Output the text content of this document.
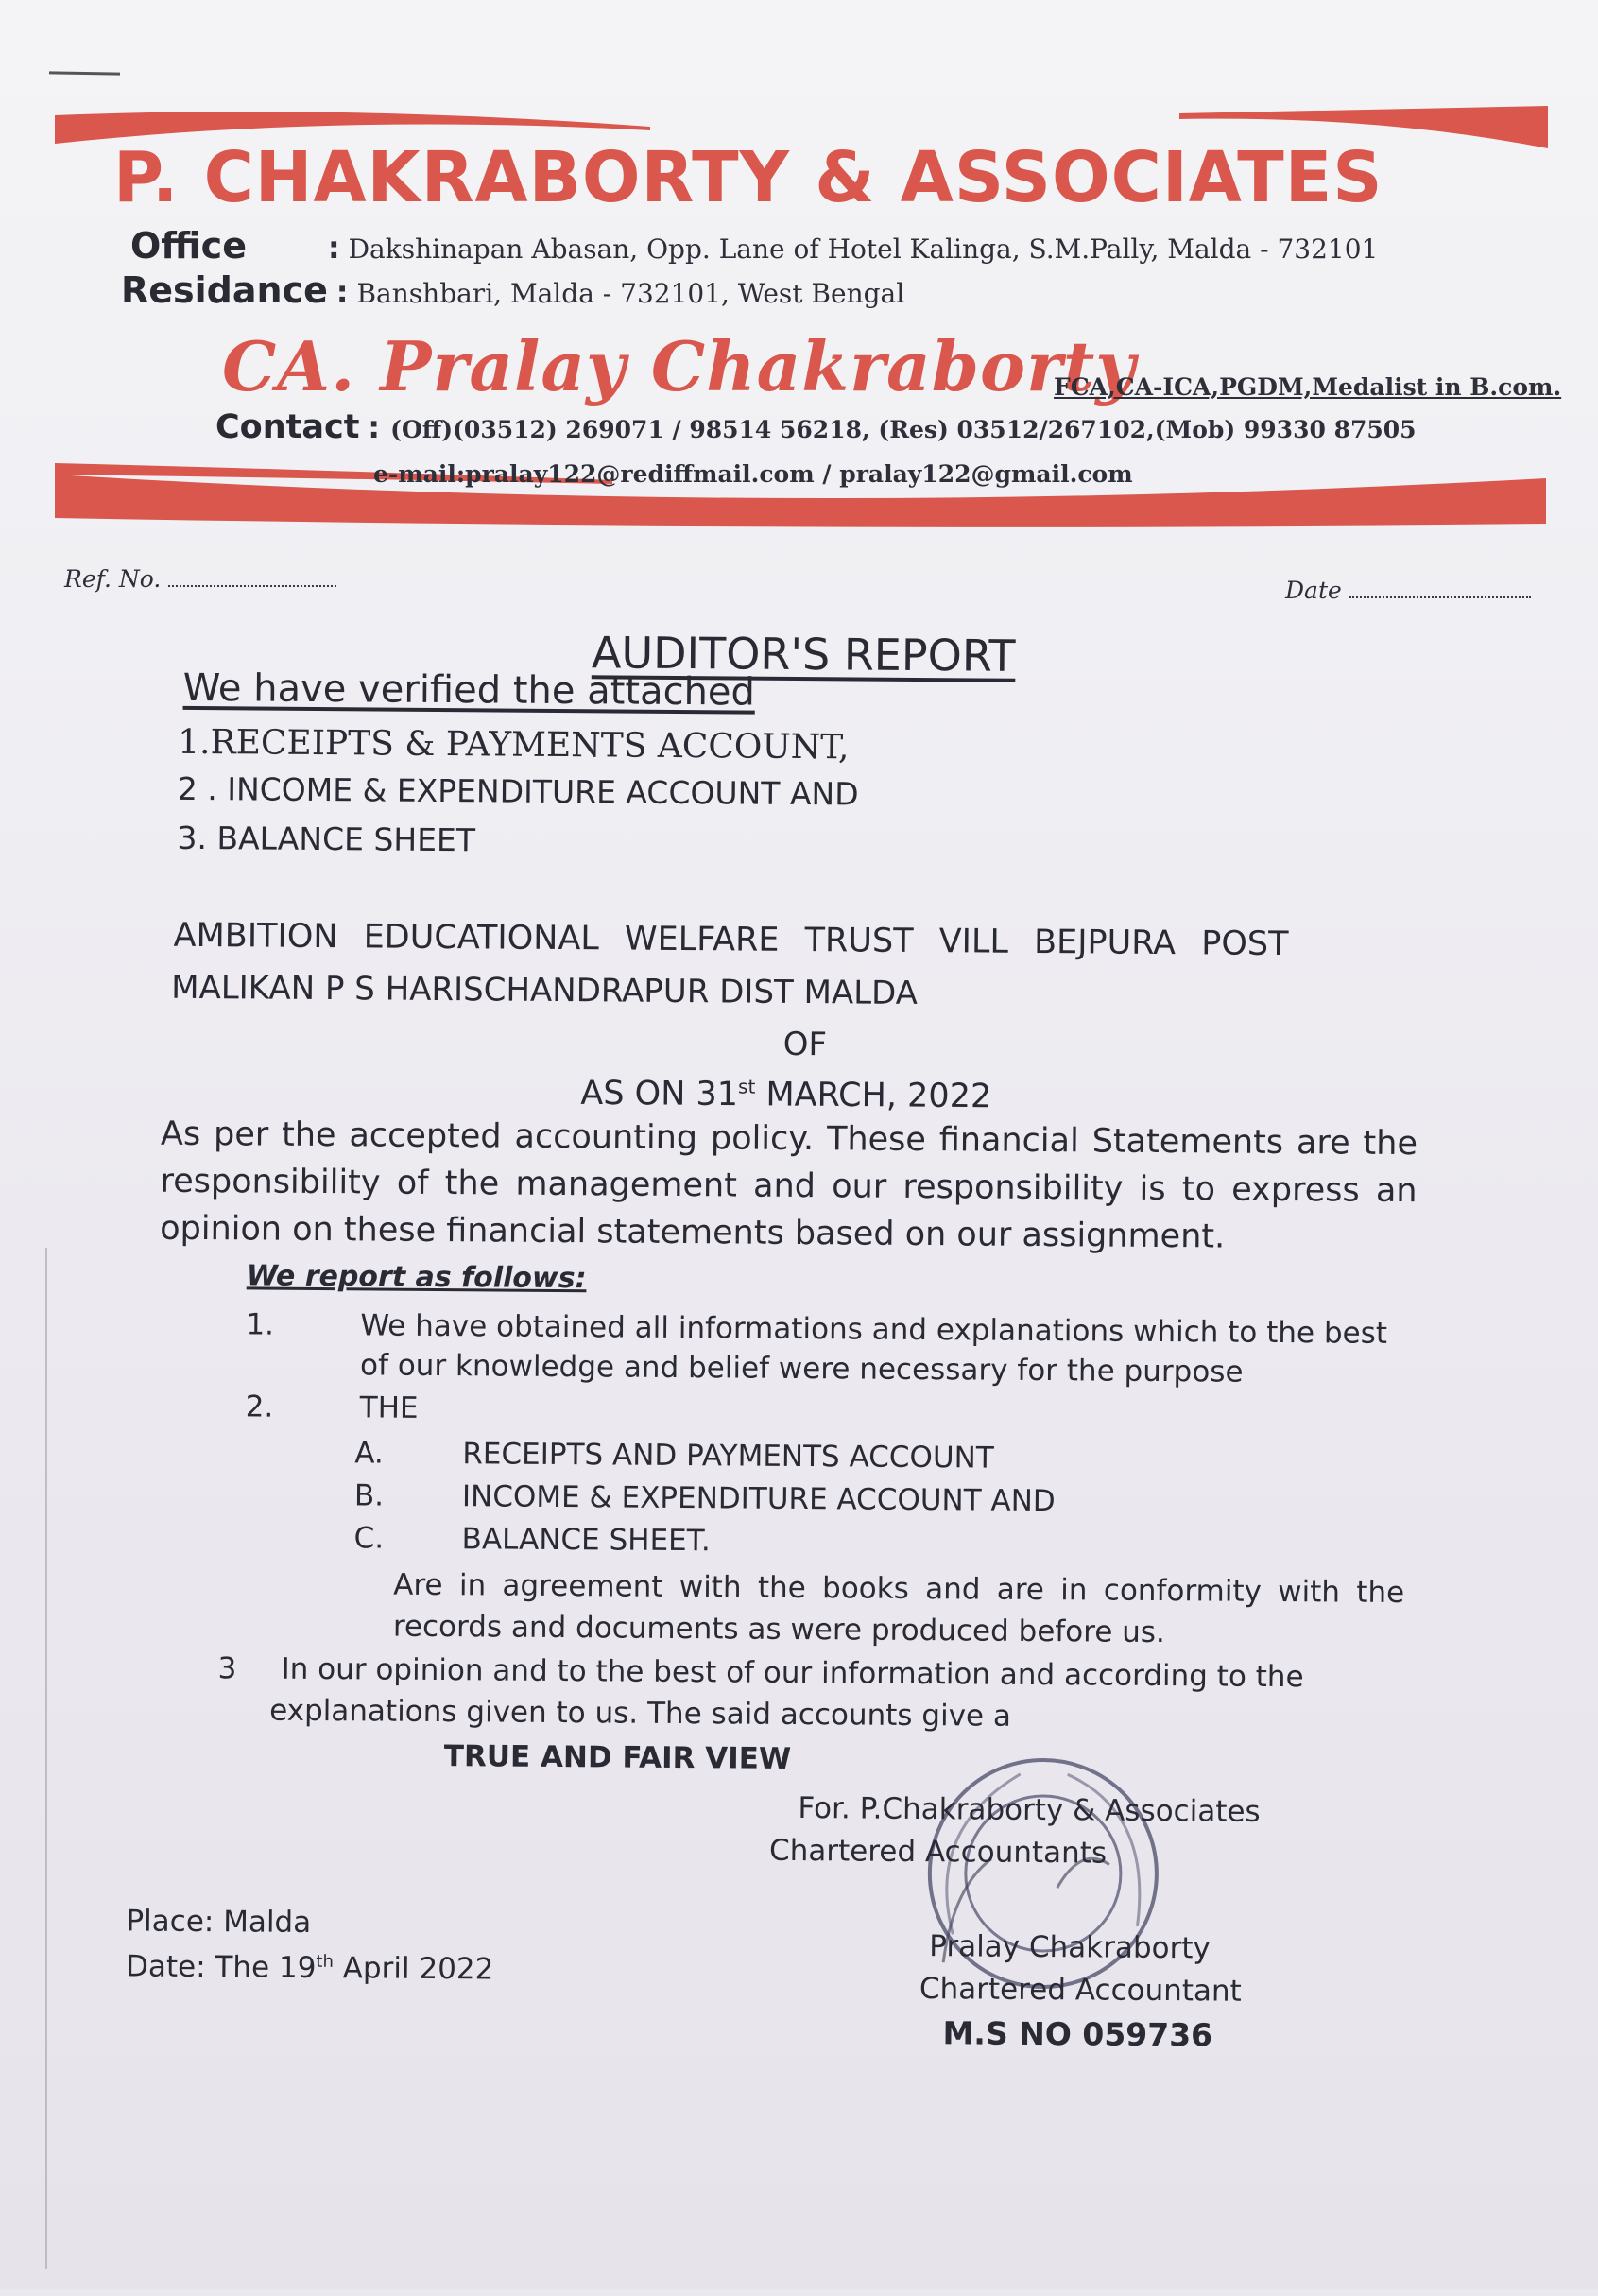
P. CHAKRABORTY & ASSOCIATES
Office	: Dakshinapan Abasan, Opp. Lane of Hotel Kalinga, S.M.Pally, Malda - 732101
Residance : Banshbari, Malda - 732101, West Bengal
CA. Pralay Chakraborty
FCA,CA-ICA,PGDM,Medalist in B.com.
Contact : (Off)(03512) 269071 / 98514 56218, (Res) 03512/267102,(Mob) 99330 87505
e-mail:pralay122@rediffmail.com / pralay122@gmail.com
Ref. No.	Date
AUDITOR'S REPORT
We have verified the attached
1.RECEIPTS & PAYMENTS ACCOUNT,
2 . INCOME & EXPENDITURE ACCOUNT AND
3. BALANCE SHEET
AMBITION EDUCATIONAL WELFARE TRUST VILL BEJPURA POST
MALIKAN P S HARISCHANDRAPUR DIST MALDA
OF
AS ON 31st MARCH, 2022
As per the accepted accounting policy. These financial Statements are the responsibility of the management and our responsibility is to express an opinion on these financial statements based on our assignment.
We report as follows:
1.	We have obtained all informations and explanations which to the best of our knowledge and belief were necessary for the purpose
2.	THE
A.	RECEIPTS AND PAYMENTS ACCOUNT
B.	INCOME & EXPENDITURE ACCOUNT AND
C.	BALANCE SHEET.
Are in agreement with the books and are in conformity with the records and documents as were produced before us.
3 In our opinion and to the best of our information and according to the
explanations given to us. The said accounts give a
TRUE AND FAIR VIEW
For. P.Chakraborty & Associates
Chartered Accountants
Place: Malda
Date: The 19th April 2022
Pralay Chakraborty
Chartered Accountant
M.S NO 059736
